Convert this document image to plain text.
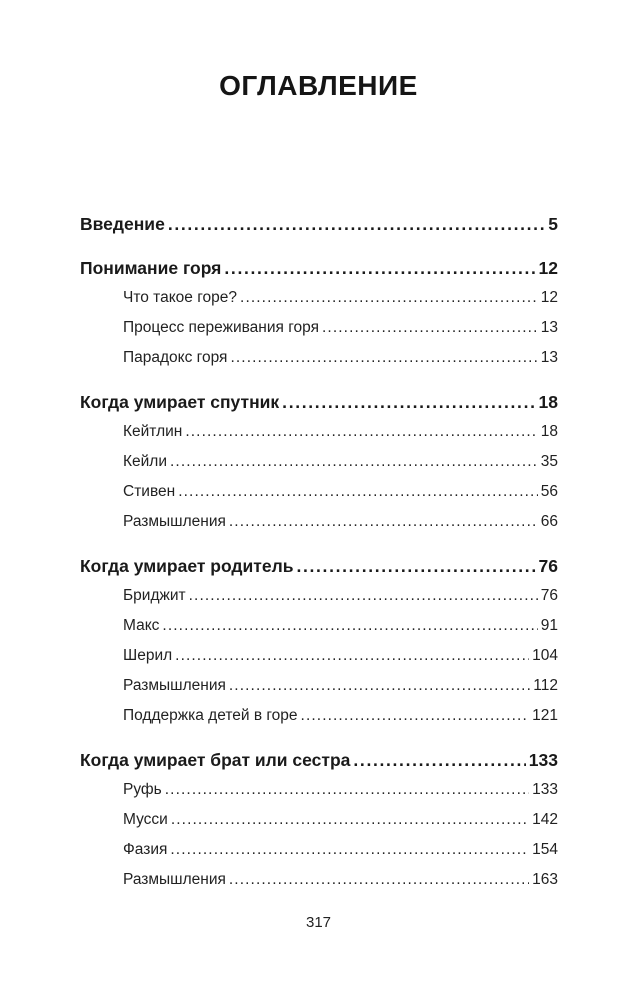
ОГЛАВЛЕНИЕ
Введение . . .	5
Понимание горя . . .	12
Что такое горе? . . .	12
Процесс переживания горя . . .	13
Парадокс горя . . .	13
Когда умирает спутник . . .	18
Кейтлин . . .	18
Кейли . . .	35
Стивен . . .	56
Размышления . . .	66
Когда умирает родитель . . .	76
Бриджит . . .	76
Макс . . .	91
Шерил . . .	104
Размышления . . .	112
Поддержка детей в горе . . .	121
Когда умирает брат или сестра . . .	133
Руфь . . .	133
Мусси . . .	142
Фазия . . .	154
Размышления . . .	163
317
